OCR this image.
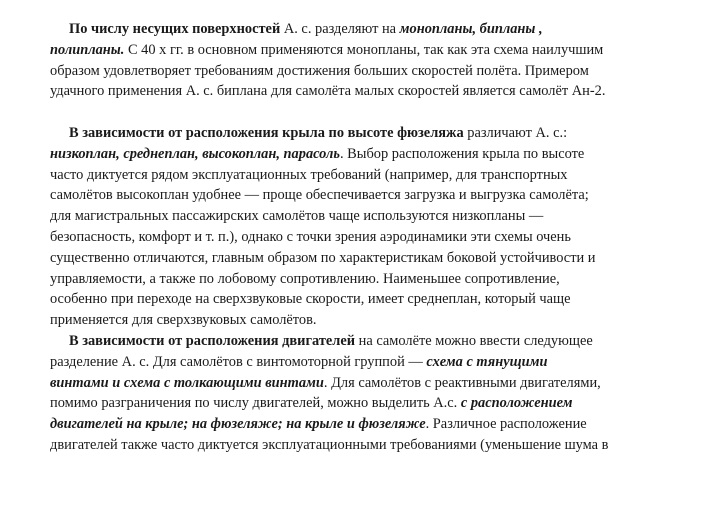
По числу несущих поверхностей А. с. разделяют на монопланы, бипланы ,
полипланы. С 40 х гг. в основном применяются монопланы, так как эта схема наилучшим
образом удовлетворяет требованиям достижения больших скоростей полёта. Примером
удачного применения А. с. биплана для самолёта малых скоростей является самолёт Ан-2.
В зависимости от расположения крыла по высоте фюзеляжа различают А. с.:
низкоплан, среднеплан, высокоплан, парасоль. Выбор расположения крыла по высоте
часто диктуется рядом эксплуатационных требований (например, для транспортных
самолётов высокоплан удобнее — проще обеспечивается загрузка и выгрузка самолёта;
для магистральных пассажирских самолётов чаще используются низкопланы —
безопасность, комфорт и т. п.), однако с точки зрения аэродинамики эти схемы очень
существенно отличаются, главным образом по характеристикам боковой устойчивости и
управляемости, а также по лобовому сопротивлению. Наименьшее сопротивление,
особенно при переходе на сверхзвуковые скорости, имеет среднеплан, который чаще
применяется для сверхзвуковых самолётов.
В зависимости от расположения двигателей на самолёте можно ввести следующее
разделение А. с. Для самолётов с винтомоторной группой — схема с тянущими
винтами и схема с толкающими винтами. Для самолётов с реактивными двигателями,
помимо разграничения по числу двигателей, можно выделить А.с. с расположением
двигателей на крыле; на фюзеляже; на крыле и фюзеляже. Различное расположение
двигателей также часто диктуется эксплуатационными требованиями (уменьшение шума в
